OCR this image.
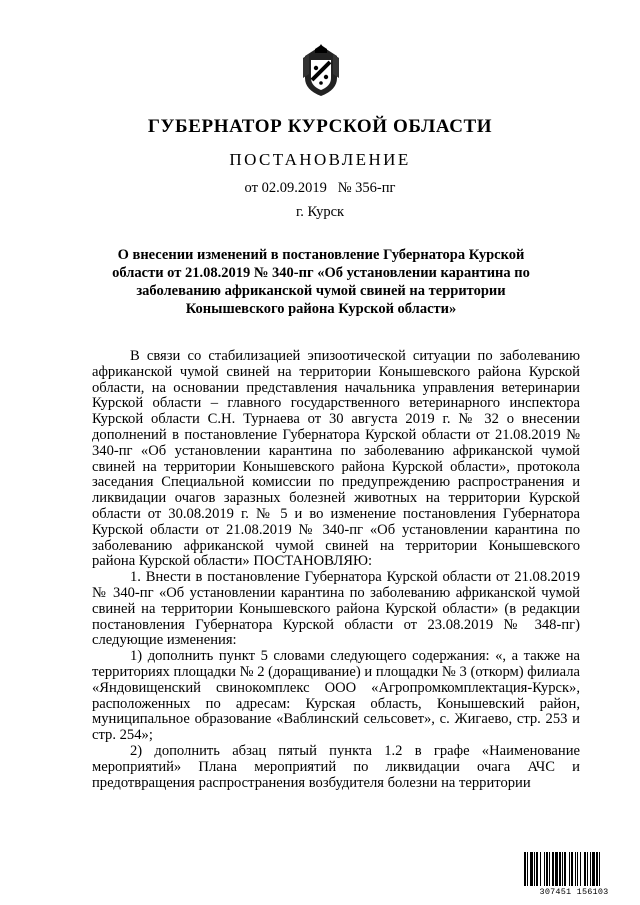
ГУБЕРНАТОР КУРСКОЙ ОБЛАСТИ
ПОСТАНОВЛЕНИЕ
от 02.09.2019   № 356-пг
г. Курск
О внесении изменений в постановление Губернатора Курской области от 21.08.2019 № 340-пг «Об установлении карантина по заболеванию африканской чумой свиней на территории Конышевского района Курской области»

В связи со стабилизацией эпизоотической ситуации по заболеванию африканской чумой свиней на территории Конышевского района Курской области, на основании представления начальника управления ветеринарии Курской области – главного государственного ветеринарного инспектора Курской области С.Н. Турнаева от 30 августа 2019 г. № 32 о внесении дополнений в постановление Губернатора Курской области от 21.08.2019 № 340-пг «Об установлении карантина по заболеванию африканской чумой свиней на территории Конышевского района Курской области», протокола заседания Специальной комиссии по предупреждению распространения и ликвидации очагов заразных болезней животных на территории Курской области от 30.08.2019 г. № 5 и во изменение постановления Губернатора Курской области от 21.08.2019 № 340-пг «Об установлении карантина по заболеванию африканской чумой свиней на территории Конышевского района Курской области» ПОСТАНОВЛЯЮ:

1. Внести в постановление Губернатора Курской области от 21.08.2019 № 340-пг «Об установлении карантина по заболеванию африканской чумой свиней на территории Конышевского района Курской области» (в редакции постановления Губернатора Курской области от 23.08.2019 № 348-пг) следующие изменения:

1) дополнить пункт 5 словами следующего содержания: «, а также на территориях площадки № 2 (доращивание) и площадки № 3 (откорм) филиала «Яндовищенский свинокомплекс ООО «Агропромкомплектация-Курск», расположенных по адресам: Курская область, Конышевский район, муниципальное образование «Ваблинский сельсовет», с. Жигаево, стр. 253 и стр. 254»;

2) дополнить абзац пятый пункта 1.2 в графе «Наименование мероприятий» Плана мероприятий по ликвидации очага АЧС и предотвращения распространения возбудителя болезни на территории

307451 156103
